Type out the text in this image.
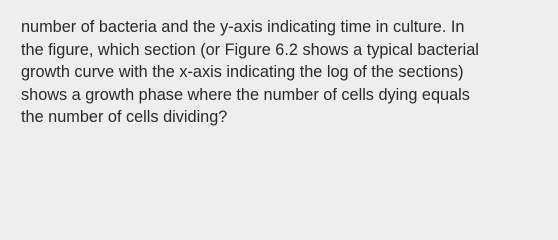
number of bacteria and the y-axis indicating time in culture. In
the figure, which section (or Figure 6.2 shows a typical bacterial
growth curve with the x-axis indicating the log of the sections)
shows a growth phase where the number of cells dying equals
the number of cells dividing?
